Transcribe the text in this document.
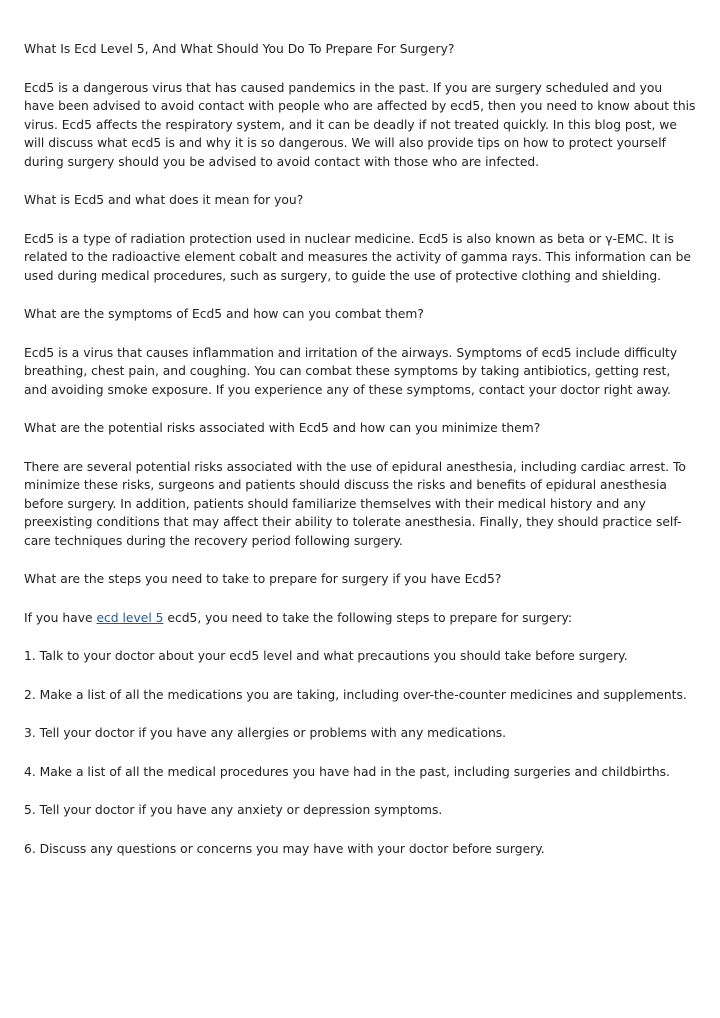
What Is Ecd Level 5, And What Should You Do To Prepare For Surgery?

Ecd5 is a dangerous virus that has caused pandemics in the past. If you are surgery scheduled and you have been advised to avoid contact with people who are affected by ecd5, then you need to know about this virus. Ecd5 affects the respiratory system, and it can be deadly if not treated quickly. In this blog post, we will discuss what ecd5 is and why it is so dangerous. We will also provide tips on how to protect yourself during surgery should you be advised to avoid contact with those who are infected.

What is Ecd5 and what does it mean for you?

Ecd5 is a type of radiation protection used in nuclear medicine. Ecd5 is also known as beta or γ-EMC. It is related to the radioactive element cobalt and measures the activity of gamma rays. This information can be used during medical procedures, such as surgery, to guide the use of protective clothing and shielding.

What are the symptoms of Ecd5 and how can you combat them?

Ecd5 is a virus that causes inflammation and irritation of the airways. Symptoms of ecd5 include difficulty breathing, chest pain, and coughing. You can combat these symptoms by taking antibiotics, getting rest, and avoiding smoke exposure. If you experience any of these symptoms, contact your doctor right away.

What are the potential risks associated with Ecd5 and how can you minimize them?

There are several potential risks associated with the use of epidural anesthesia, including cardiac arrest. To minimize these risks, surgeons and patients should discuss the risks and benefits of epidural anesthesia before surgery. In addition, patients should familiarize themselves with their medical history and any preexisting conditions that may affect their ability to tolerate anesthesia. Finally, they should practice self-care techniques during the recovery period following surgery.

What are the steps you need to take to prepare for surgery if you have Ecd5?

If you have ecd level 5 ecd5, you need to take the following steps to prepare for surgery:

1. Talk to your doctor about your ecd5 level and what precautions you should take before surgery.

2. Make a list of all the medications you are taking, including over-the-counter medicines and supplements.

3. Tell your doctor if you have any allergies or problems with any medications.

4. Make a list of all the medical procedures you have had in the past, including surgeries and childbirths.

5. Tell your doctor if you have any anxiety or depression symptoms.

6. Discuss any questions or concerns you may have with your doctor before surgery.
